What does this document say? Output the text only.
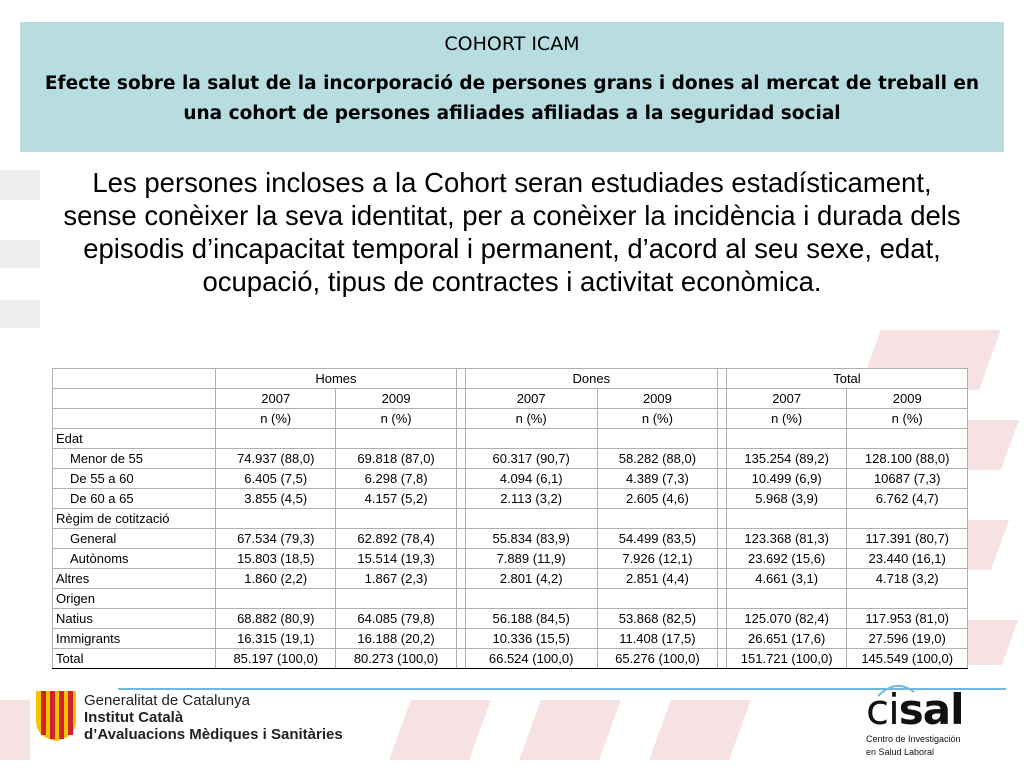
COHORT ICAM
Efecte sobre la salut de la incorporació de persones grans i dones al mercat de treball en una cohort de persones afiliades afiliadas a la seguridad social
Les persones incloses a la Cohort seran estudiades estadísticament, sense conèixer la seva identitat, per a conèixer la incidència i durada dels episodis d’incapacitat temporal i permanent, d’acord al seu sexe, edat, ocupació, tipus de contractes i activitat econòmica.
	Homes			Dones			Total	
	2007	2009		2007	2009		2007	2009
	n (%)	n (%)		n (%)	n (%)		n (%)	n (%)
Edat								
Menor de 55	74.937 (88,0)	69.818 (87,0)		60.317 (90,7)	58.282 (88,0)		135.254 (89,2)	128.100 (88,0)
De 55 a 60	6.405 (7,5)	6.298 (7,8)		4.094 (6,1)	4.389 (7,3)		10.499 (6,9)	10687 (7,3)
De 60 a 65	3.855 (4,5)	4.157 (5,2)		2.113 (3,2)	2.605 (4,6)		5.968 (3,9)	6.762 (4,7)
Règim de cotització								
General	67.534 (79,3)	62.892 (78,4)		55.834 (83,9)	54.499 (83,5)		123.368 (81,3)	117.391 (80,7)
Autònoms	15.803 (18,5)	15.514 (19,3)		7.889 (11,9)	7.926 (12,1)		23.692 (15,6)	23.440 (16,1)
Altres	1.860 (2,2)	1.867 (2,3)		2.801 (4,2)	2.851 (4,4)		4.661 (3,1)	4.718 (3,2)
Origen								
Natius	68.882 (80,9)	64.085 (79,8)		56.188 (84,5)	53.868 (82,5)		125.070 (82,4)	117.953 (81,0)
Immigrants	16.315 (19,1)	16.188 (20,2)		10.336 (15,5)	11.408 (17,5)		26.651 (17,6)	27.596 (19,0)
Total	85.197 (100,0)	80.273 (100,0)		66.524 (100,0)	65.276 (100,0)		151.721 (100,0)	145.549 (100,0)
Generalitat de Catalunya
Institut Català
d’Avaluacions Mèdiques i Sanitàries
cisal
Centro de Investigación
en Salud Laboral
